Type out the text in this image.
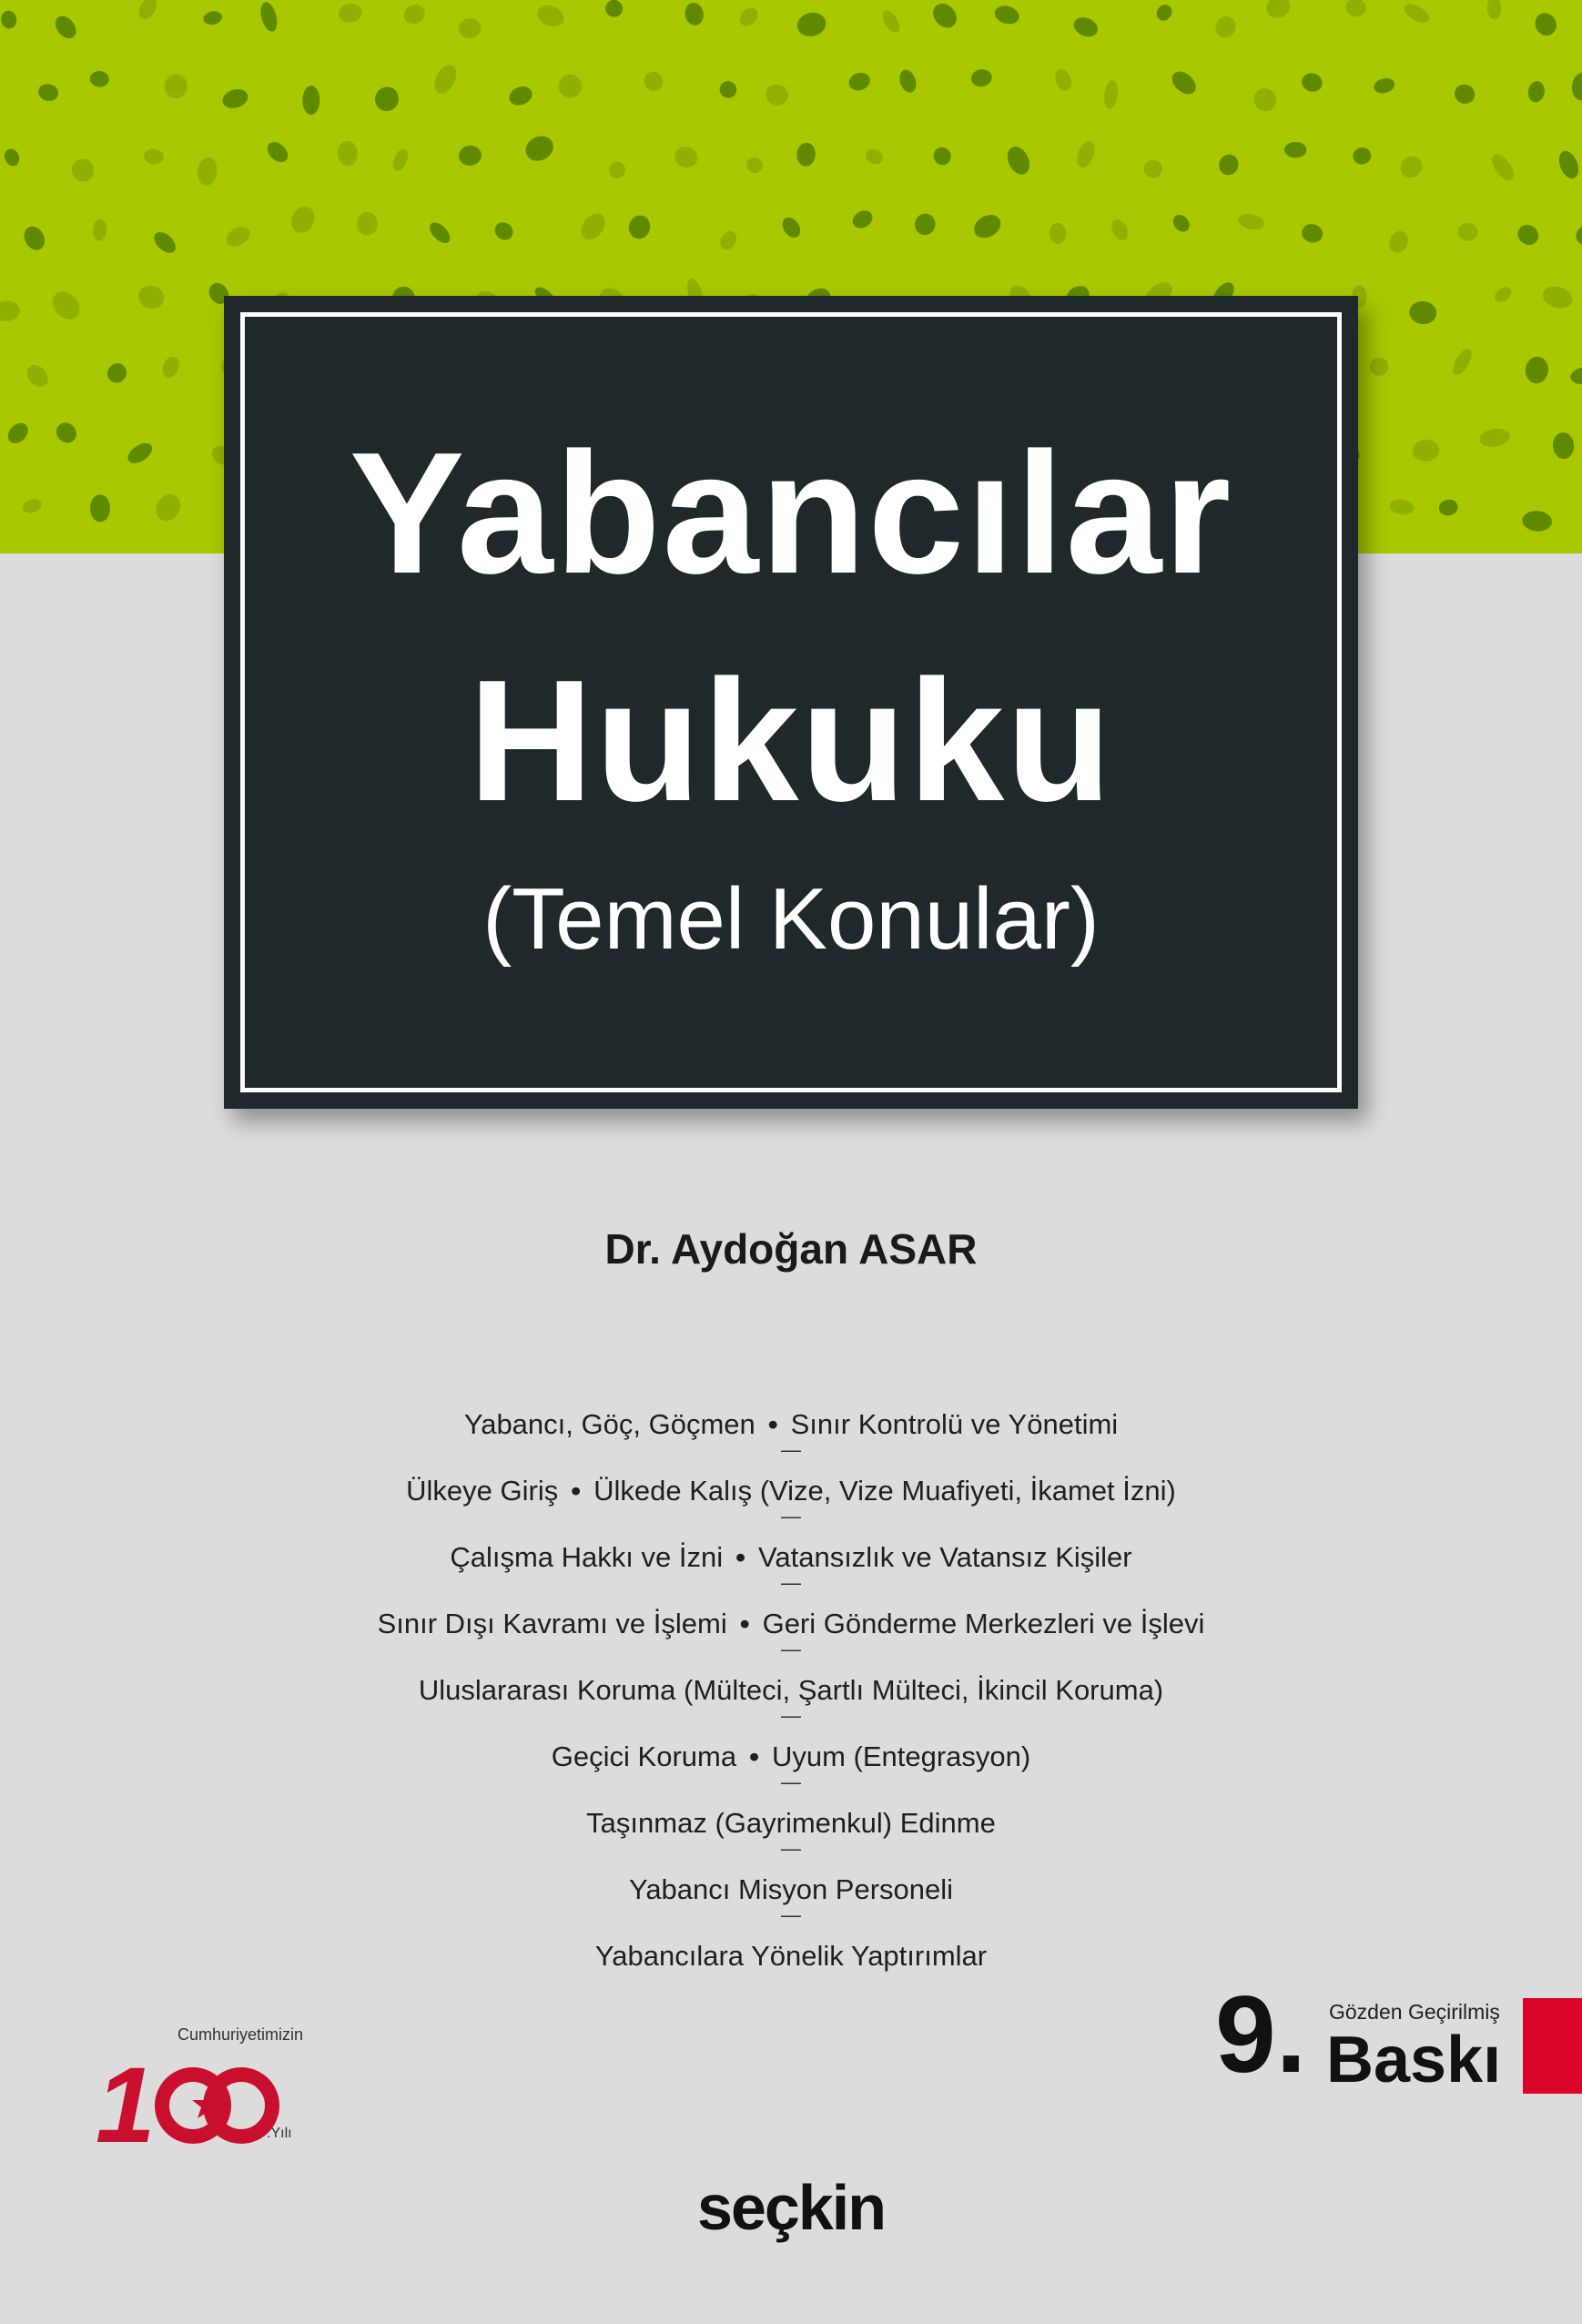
Yabancılar
Hukuku
(Temel Konular)
Dr. Aydoğan ASAR
Yabancı, Göç, Göçmen • Sınır Kontrolü ve Yönetimi
—
Ülkeye Giriş • Ülkede Kalış (Vize, Vize Muafiyeti, İkamet İzni)
—
Çalışma Hakkı ve İzni • Vatansızlık ve Vatansız Kişiler
—
Sınır Dışı Kavramı ve İşlemi • Geri Gönderme Merkezleri ve İşlevi
—
Uluslararası Koruma (Mülteci, Şartlı Mülteci, İkincil Koruma)
—
Geçici Koruma • Uyum (Entegrasyon)
—
Taşınmaz (Gayrimenkul) Edinme
—
Yabancı Misyon Personeli
—
Yabancılara Yönelik Yaptırımlar
Cumhuriyetimizin
1	.Yılı
9. Gözden Geçirilmiş
Baskı
seçkin
